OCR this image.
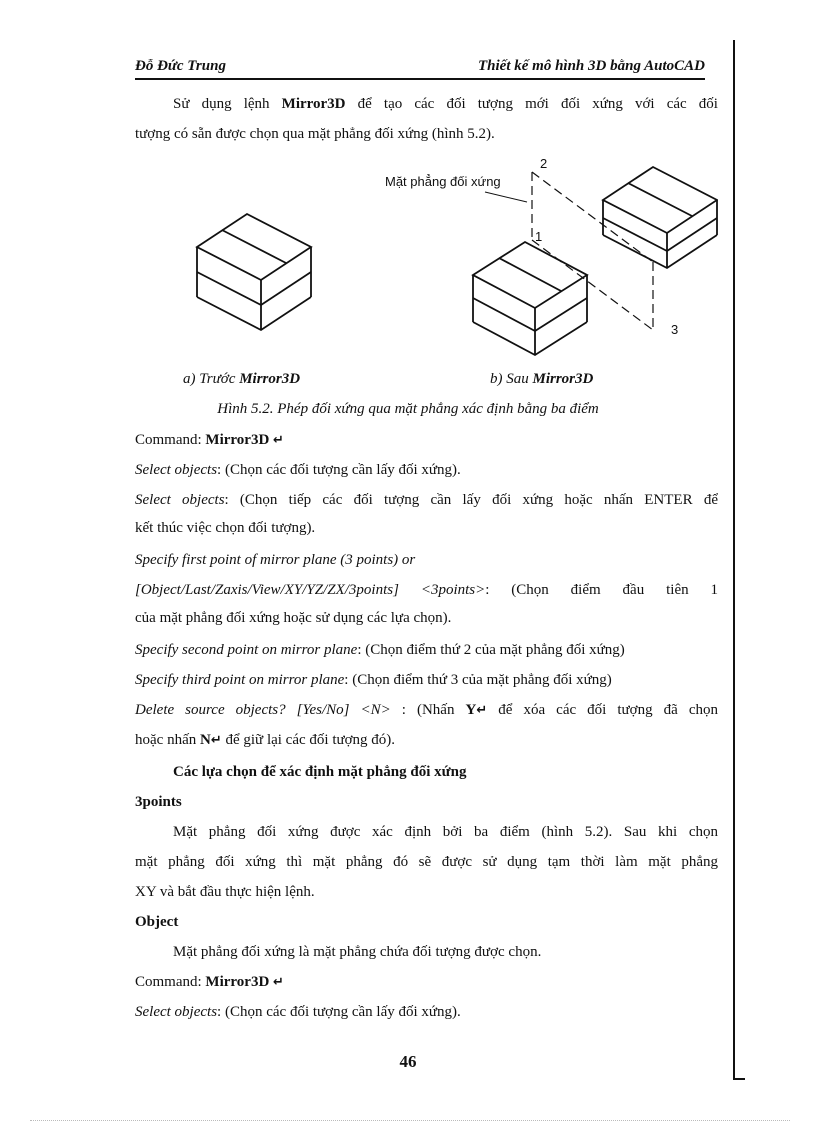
Đỗ Đức Trung	Thiết kế mô hình 3D bằng AutoCAD
Sử dụng lệnh Mirror3D để tạo các đối tượng mới đối xứng với các đối
tượng có sẵn được chọn qua mặt phẳng đối xứng (hình 5.2).
Mặt phẳng đối xứng
2
1
3
a) Trước Mirror3D	b) Sau Mirror3D
Hình 5.2. Phép đối xứng qua mặt phẳng xác định bằng ba điểm
Command: Mirror3D ↵
Select objects: (Chọn các đối tượng cần lấy đối xứng).
Select objects: (Chọn tiếp các đối tượng cần lấy đối xứng hoặc nhấn ENTER để
kết thúc việc chọn đối tượng).
Specify first point of mirror plane (3 points) or
[Object/Last/Zaxis/View/XY/YZ/ZX/3points] <3points>: (Chọn điểm đầu tiên 1
của mặt phẳng đối xứng hoặc sử dụng các lựa chọn).
Specify second point on mirror plane: (Chọn điểm thứ 2 của mặt phẳng đối xứng)
Specify third point on mirror plane: (Chọn điểm thứ 3 của mặt phẳng đối xứng)
Delete source objects? [Yes/No] <N> : (Nhấn Y↵ để xóa các đối tượng đã chọn
hoặc nhấn N↵ để giữ lại các đối tượng đó).
Các lựa chọn để xác định mặt phẳng đối xứng
3points
Mặt phẳng đối xứng được xác định bởi ba điểm (hình 5.2). Sau khi chọn
mặt phẳng đối xứng thì mặt phẳng đó sẽ được sử dụng tạm thời làm mặt phẳng
XY và bắt đầu thực hiện lệnh.
Object
Mặt phẳng đối xứng là mặt phẳng chứa đối tượng được chọn.
Command: Mirror3D ↵
Select objects: (Chọn các đối tượng cần lấy đối xứng).
46
